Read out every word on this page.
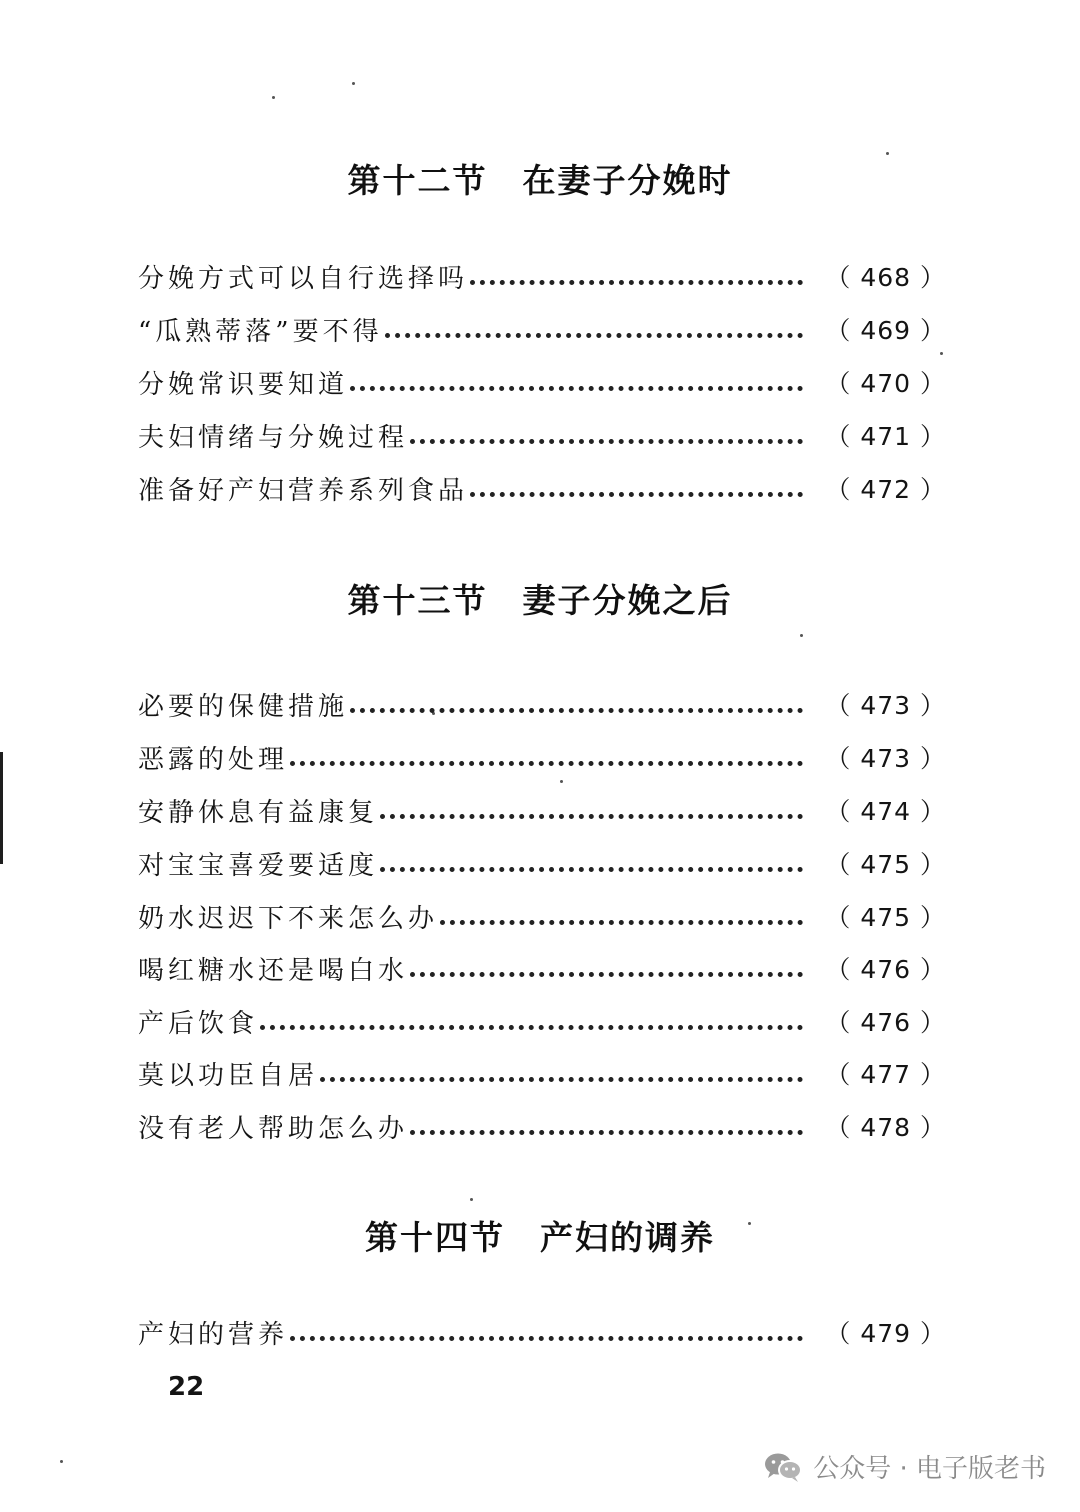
第十二节　在妻子分娩时
分娩方式可以自行选择吗	（ 468 ）
“瓜熟蒂落”要不得	（ 469 ）
分娩常识要知道	（ 470 ）
夫妇情绪与分娩过程	（ 471 ）
准备好产妇营养系列食品	（ 472 ）
第十三节　妻子分娩之后
必要的保健措施	（ 473 ）
恶露的处理	（ 473 ）
安静休息有益康复	（ 474 ）
对宝宝喜爱要适度	（ 475 ）
奶水迟迟下不来怎么办	（ 475 ）
喝红糖水还是喝白水	（ 476 ）
产后饮食	（ 476 ）
莫以功臣自居	（ 477 ）
没有老人帮助怎么办	（ 478 ）
第十四节　产妇的调养
产妇的营养	（ 479 ）
22
公众号 · 电子版老书
